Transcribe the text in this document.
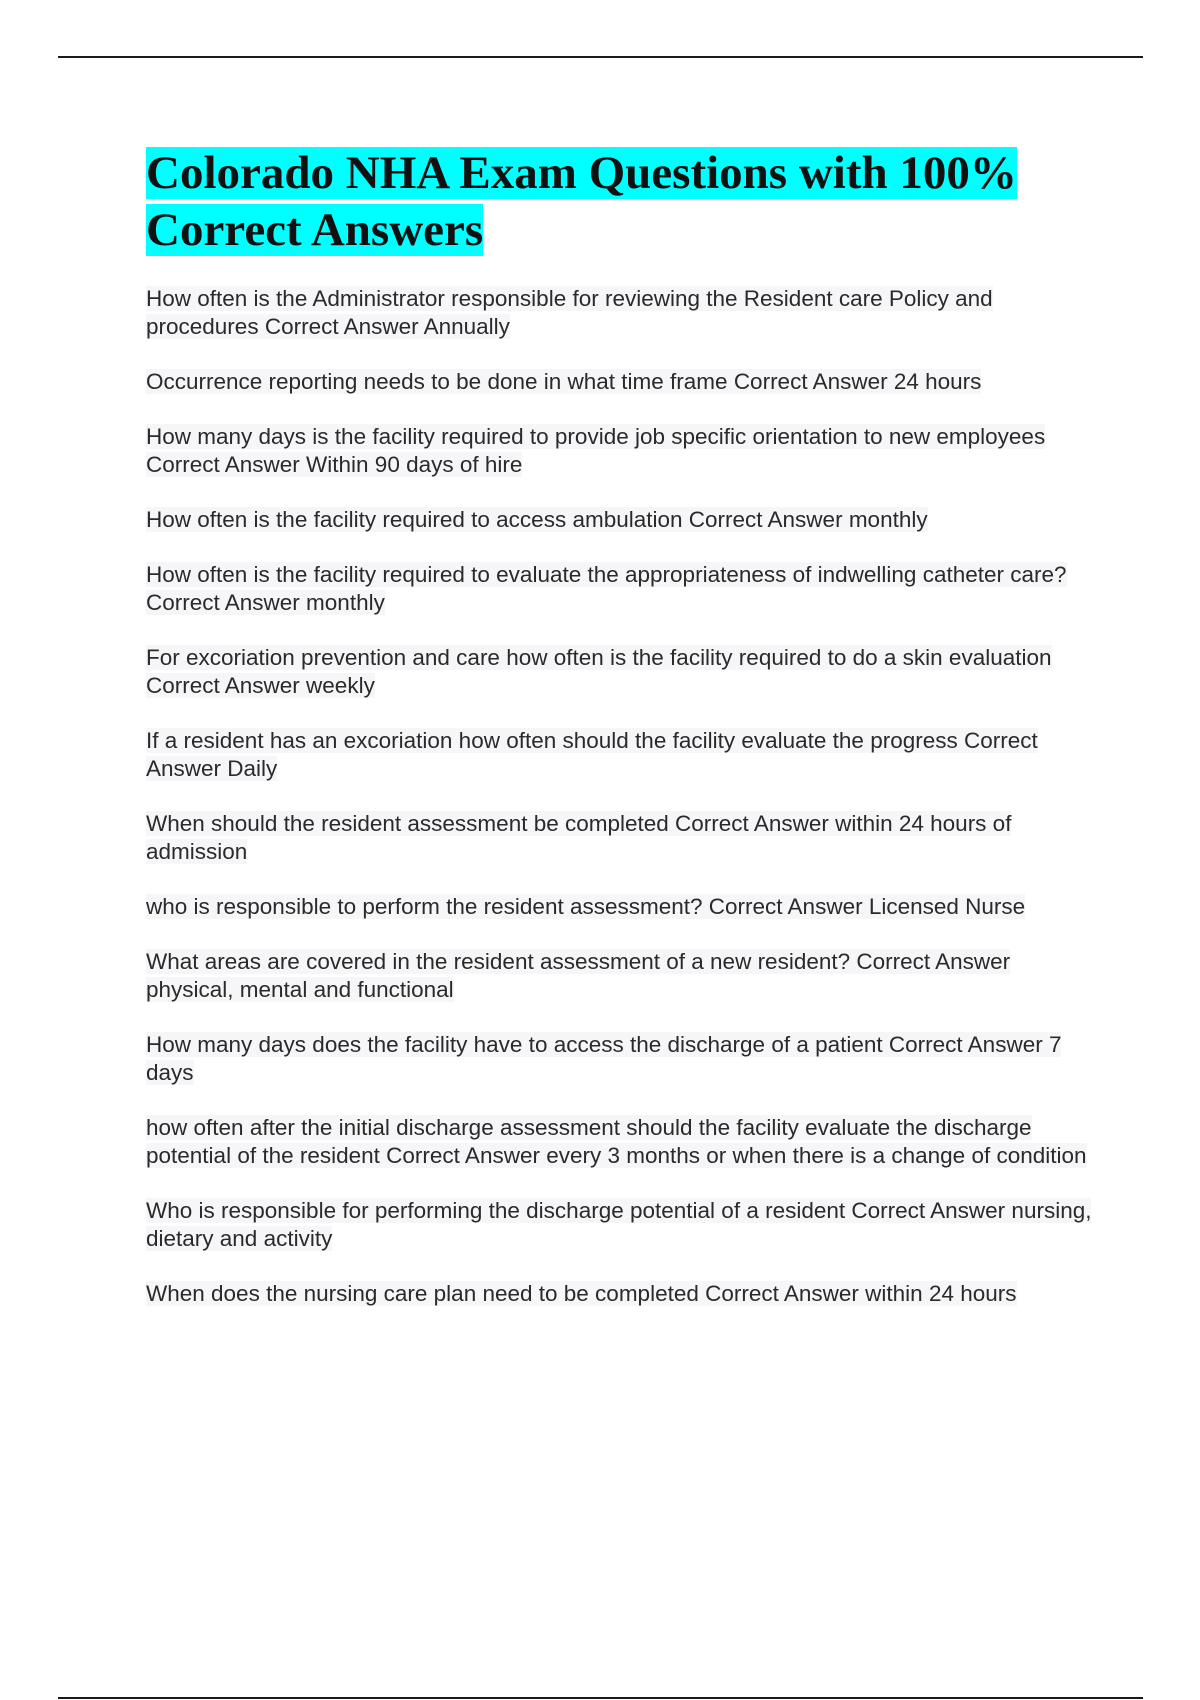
Colorado NHA Exam Questions with 100% Correct Answers
How often is the Administrator responsible for reviewing the Resident care Policy and procedures Correct Answer Annually
Occurrence reporting needs to be done in what time frame Correct Answer 24 hours
How many days is the facility required to provide job specific orientation to new employees Correct Answer Within 90 days of hire
How often is the facility required to access ambulation Correct Answer monthly
How often is the facility required to evaluate the appropriateness of indwelling catheter care? Correct Answer monthly
For excoriation prevention and care how often is the facility required to do a skin evaluation Correct Answer weekly
If a resident has an excoriation how often should the facility evaluate the progress Correct Answer Daily
When should the resident assessment be completed Correct Answer within 24 hours of admission
who is responsible to perform the resident assessment? Correct Answer Licensed Nurse
What areas are covered in the resident assessment of a new resident? Correct Answer physical, mental and functional
How many days does the facility have to access the discharge of a patient Correct Answer 7 days
how often after the initial discharge assessment should the facility evaluate the discharge potential of the resident Correct Answer every 3 months or when there is a change of condition
Who is responsible for performing the discharge potential of a resident Correct Answer nursing, dietary and activity
When does the nursing care plan need to be completed Correct Answer within 24 hours
